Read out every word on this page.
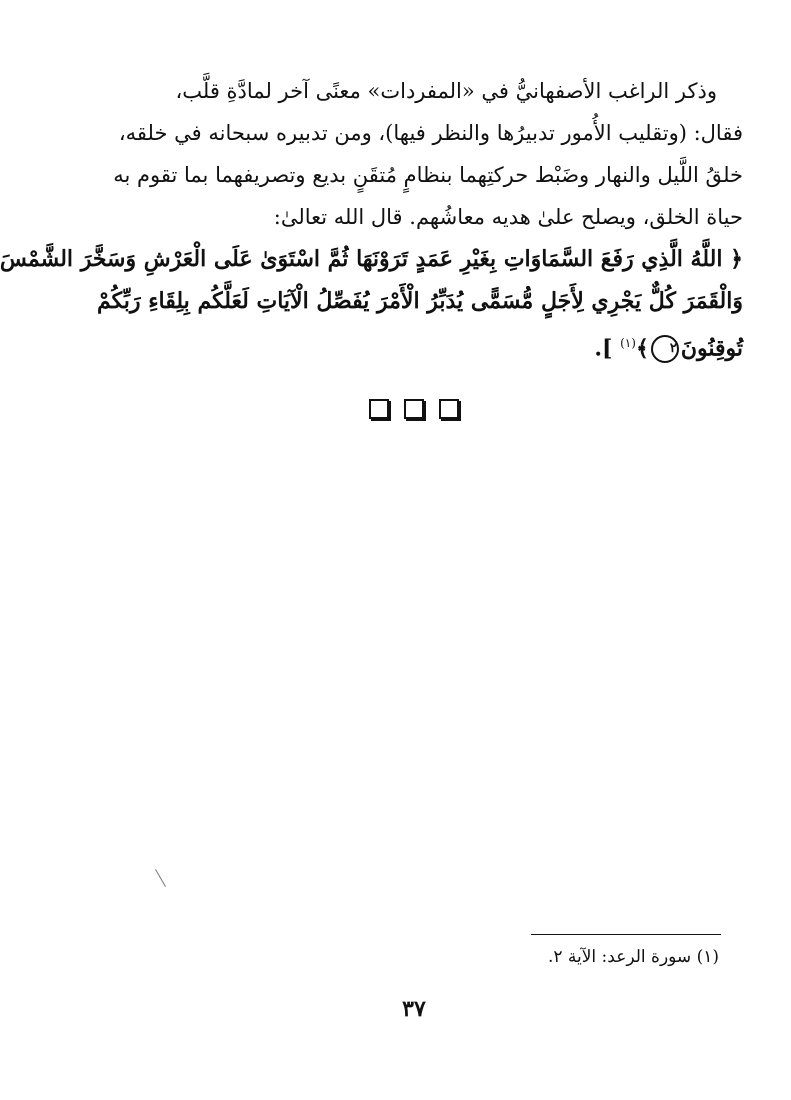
وذكر الراغب الأصفهانيُّ في «المفردات» معنًى آخر لمادَّةِ قلَّب،
فقال: (وتقليب الأُمور تدبيرُها والنظر فيها)، ومن تدبيره سبحانه في خلقه،
خلقُ اللَّيل والنهار وضَبْط حركتِهما بنظامٍ مُتقَنٍ بديع وتصريفهما بما تقوم به
حياة الخلق، ويصلح علىٰ هديه معاشُهم. قال الله تعالىٰ:
﴿ اللَّهُ الَّذِي رَفَعَ السَّمَاوَاتِ بِغَيْرِ عَمَدٍ تَرَوْنَهَا ثُمَّ اسْتَوَىٰ عَلَى الْعَرْشِ وَسَخَّرَ الشَّمْسَ
وَالْقَمَرَ كُلٌّ يَجْرِي لِأَجَلٍ مُّسَمًّى يُدَبِّرُ الْأَمْرَ يُفَصِّلُ الْآيَاتِ لَعَلَّكُم بِلِقَاءِ رَبِّكُمْ
تُوقِنُونَ٢﴾$^{(١)}$ ].

(١) سورة الرعد: الآية ٢.
٣٧
